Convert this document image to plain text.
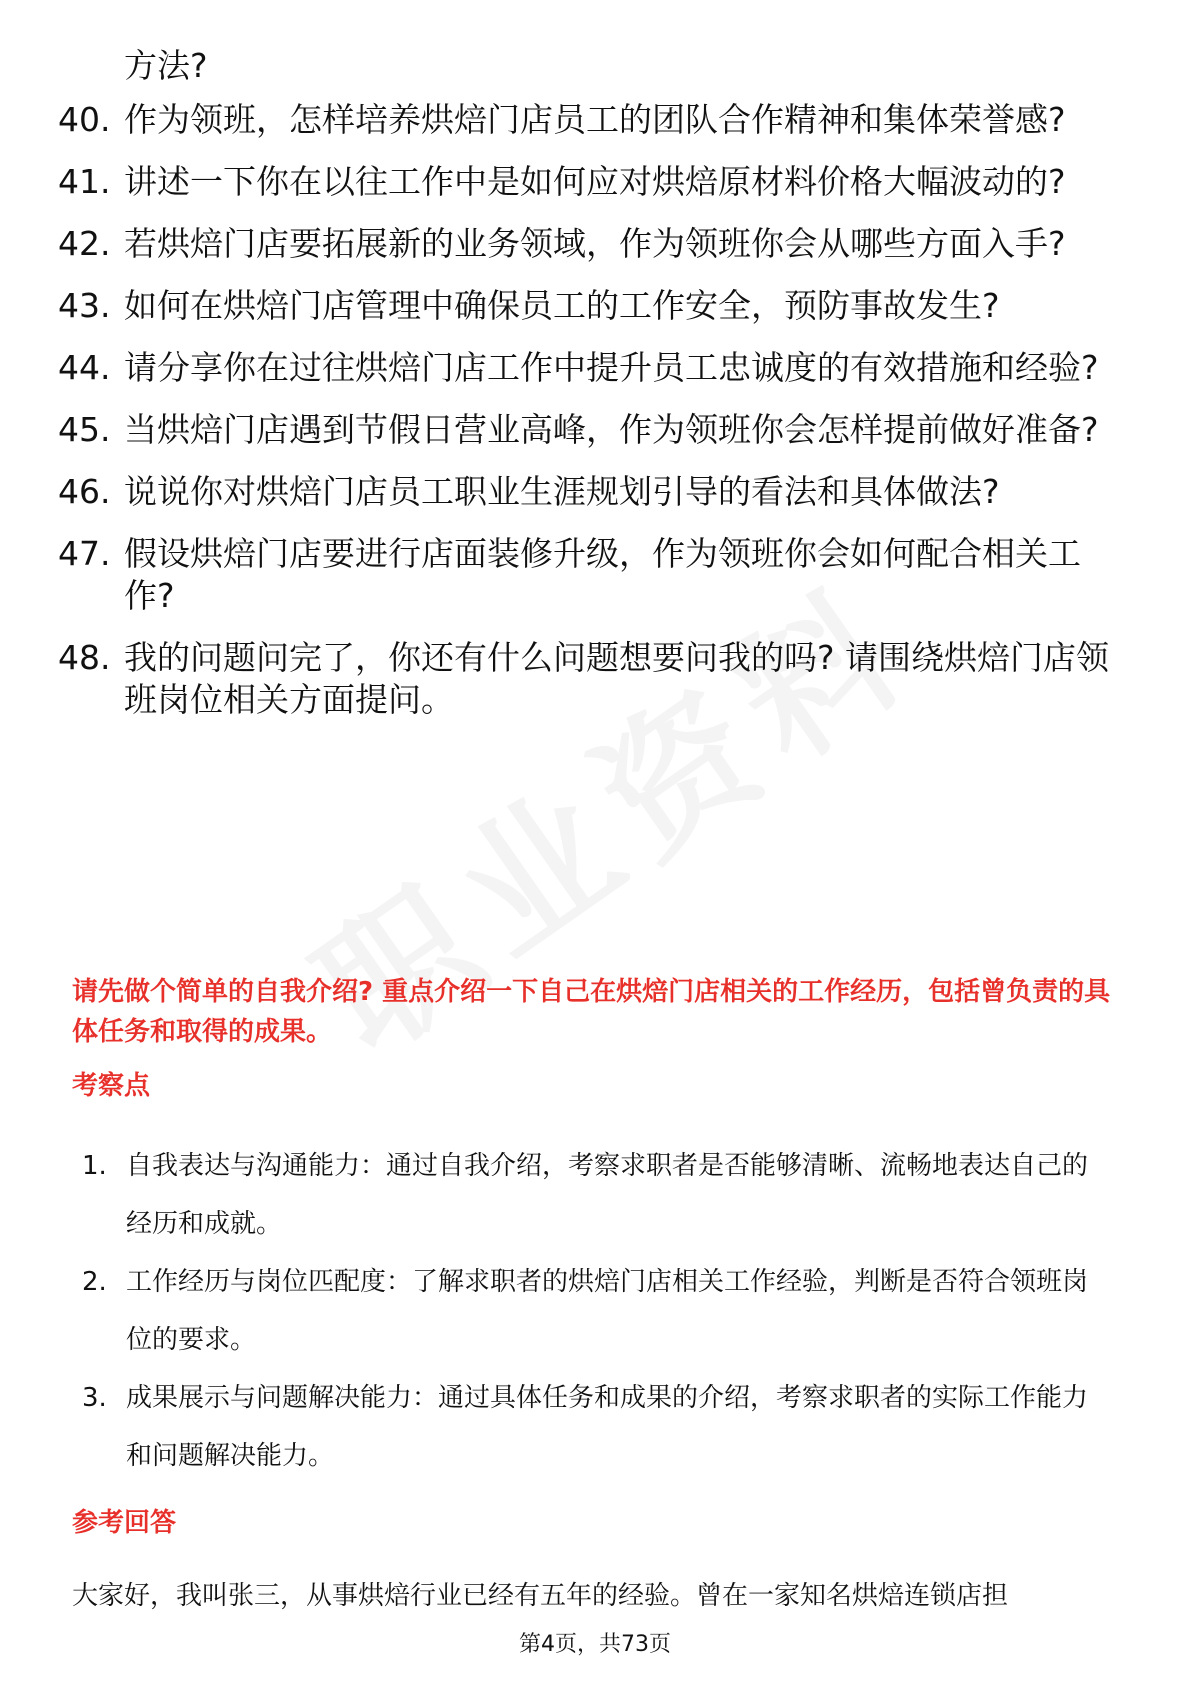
方法?
40. 作为领班，怎样培养烘焙门店员工的团队合作精神和集体荣誉感?
41. 讲述一下你在以往工作中是如何应对烘焙原材料价格大幅波动的?
42. 若烘焙门店要拓展新的业务领域，作为领班你会从哪些方面入手?
43. 如何在烘焙门店管理中确保员工的工作安全，预防事故发生?
44. 请分享你在过往烘焙门店工作中提升员工忠诚度的有效措施和经验?
45. 当烘焙门店遇到节假日营业高峰，作为领班你会怎样提前做好准备?
46. 说说你对烘焙门店员工职业生涯规划引导的看法和具体做法?
47. 假设烘焙门店要进行店面装修升级，作为领班你会如何配合相关工作?
48. 我的问题问完了，你还有什么问题想要问我的吗? 请围绕烘焙门店领班岗位相关方面提问。
请先做个简单的自我介绍? 重点介绍一下自己在烘焙门店相关的工作经历，包括曾负责的具体任务和取得的成果。
考察点
1. 自我表达与沟通能力：通过自我介绍，考察求职者是否能够清晰、流畅地表达自己的经历和成就。
2. 工作经历与岗位匹配度：了解求职者的烘焙门店相关工作经验，判断是否符合领班岗位的要求。
3. 成果展示与问题解决能力：通过具体任务和成果的介绍，考察求职者的实际工作能力和问题解决能力。
参考回答
大家好，我叫张三，从事烘焙行业已经有五年的经验。曾在一家知名烘焙连锁店担
第4页，共73页
